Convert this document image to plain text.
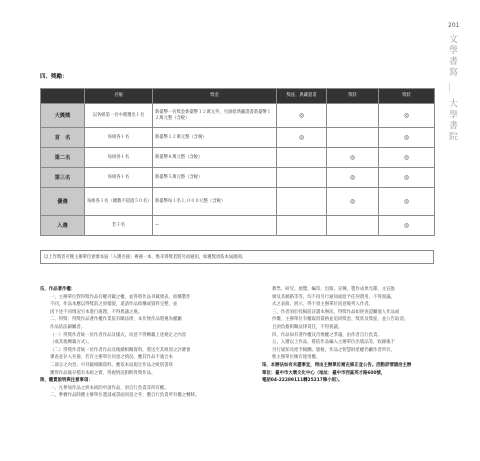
201
文學書寫 ＿ 大學書院
四、獎勵：
	名額	獎金	獎座、典藏證書	獎狀	獎狀
大獎獎	以各組第一名中遴選出１名	新臺幣一名獎金新臺幣１２萬元外，另頒給典藏證書新臺幣１２萬元整（含稅）	◎		◎
首　名	每組各１名	新臺幣１２萬元整（含稅）	◎		◎
第二名	每組各１名	新臺幣８萬元整（含稅）		◎	◎
第三名	每組各１名	新臺幣５萬元整（含稅）		◎	◎
優選	每組各１名（總數不超過５０名）	新臺幣每１名１,０００元整（含稅）		◎	◎
入選	若干名	—			◎
以上作獎者可獲主辦單位頒發本屆「入選名冊」專冊一本，惟未得獎者將另函通知，如獲獎須依本屆規則。

伍、作品著作權：

一、主辦單位對得獎作品有權刊載之權，並得將作品刊載發表、結構製作

不同，作品本應以得獎前之原樣貌，還請作品結構或資料完整，並

因下述不同情況另本進行處理，不得異議之處。

二、得獎：得獎作品著作權作業依有關法律，本作無作品將視為權屬

作品依法歸屬者。

（一）得獎作者統一於作者作品及樣式，同意不得轉載上述規定之內容

（或其他轉載方式）。

（二）得獎作者統一於作者作品及後續相關資料，將送至其組別之評審會

審查並存入名冊，若有主辦單位同意之情況，應其作品不適合本

二部分之內容，可刊載相關資料，應依本屆規定作品之組別書寫

獲得作品後存檔有本組之實，得視情況斟酌得獎作品。

陸、權責說明與注意事項：

一、凡參加作品之經本組的申請作品，須自行負責其所有權。

二、參賽作品除獲主辦單位邀請或書面同意之外，應自行負責所有權之轉移。

教學、研究、展覽、編印、出版、宣傳、製作成果光碟、文宣推

廣及其網路等等，均不再另行通知或給予任何費用，不得異議。

式之表演、展示，得不須主辦單位同意後列入作者。

三、作者須於投稿前詳讀本辦法，得獎作品如經查證屬他人作品或

抄襲，主辦單位有權取消資格並追回獎金、獎狀及獎座，並公告取消，

且須負擔相關法律責任，不得異議。

四、作品如有著作權及肖像權之爭議，由作者自行負責。

五、入選以上作品，將依作品編入主辦單位出版品等，收錄後不

另行通知及給予稿酬、版稅。作品之智慧財產權仍屬作者所有，

惟主辦單位擁有使用權。

柒、本辦法如有未盡事宜，得由主辦單位補充修正並公告。活動詳情請洽主辦

單位：臺中市大墩文化中心（地址：臺中市西區英才路600號，

電話04-22289111轉25217陳小姐）。
